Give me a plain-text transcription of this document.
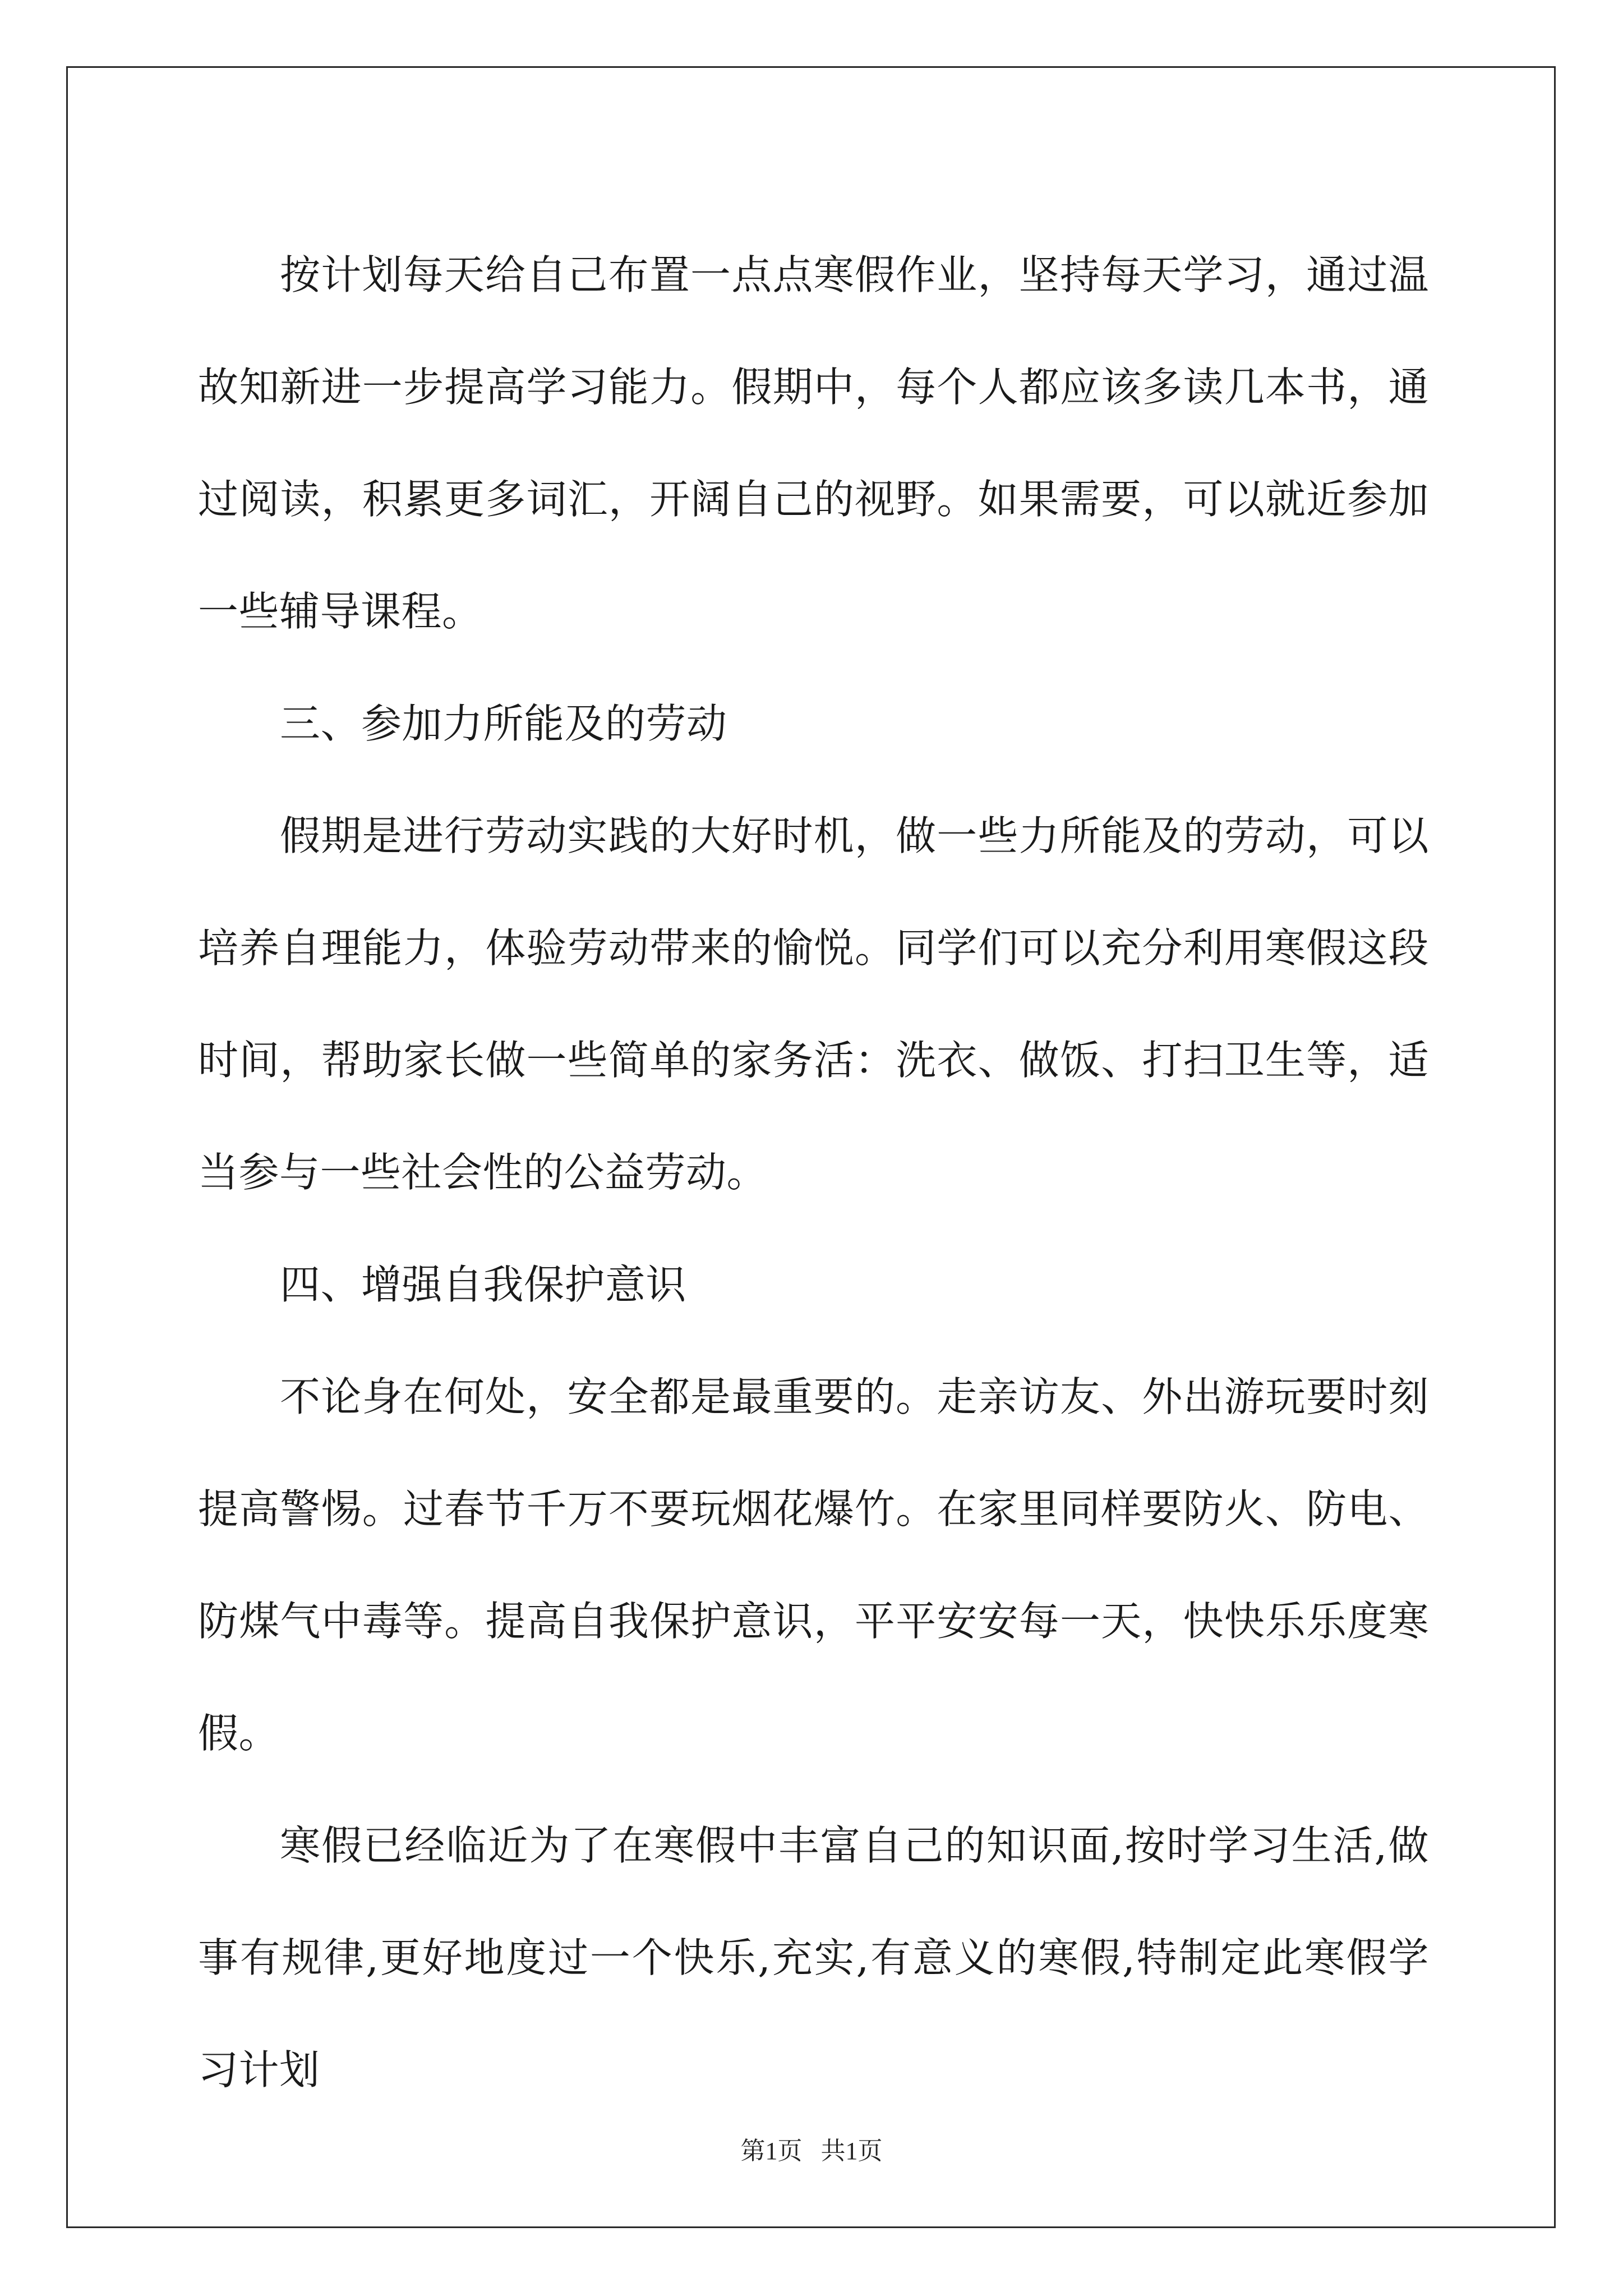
按计划每天给自己布置一点点寒假作业，坚持每天学习，通过温故知新进一步提高学习能力。假期中，每个人都应该多读几本书，通过阅读，积累更多词汇，开阔自己的视野。如果需要，可以就近参加一些辅导课程。

三、参加力所能及的劳动

假期是进行劳动实践的大好时机，做一些力所能及的劳动，可以培养自理能力，体验劳动带来的愉悦。同学们可以充分利用寒假这段时间，帮助家长做一些简单的家务活：洗衣、做饭、打扫卫生等，适当参与一些社会性的公益劳动。

四、增强自我保护意识

不论身在何处，安全都是最重要的。走亲访友、外出游玩要时刻提高警惕。过春节千万不要玩烟花爆竹。在家里同样要防火、防电、防煤气中毒等。提高自我保护意识，平平安安每一天，快快乐乐度寒假。

寒假已经临近为了在寒假中丰富自己的知识面,按时学习生活,做事有规律,更好地度过一个快乐,充实,有意义的寒假,特制定此寒假学习计划

第1页   共1页
